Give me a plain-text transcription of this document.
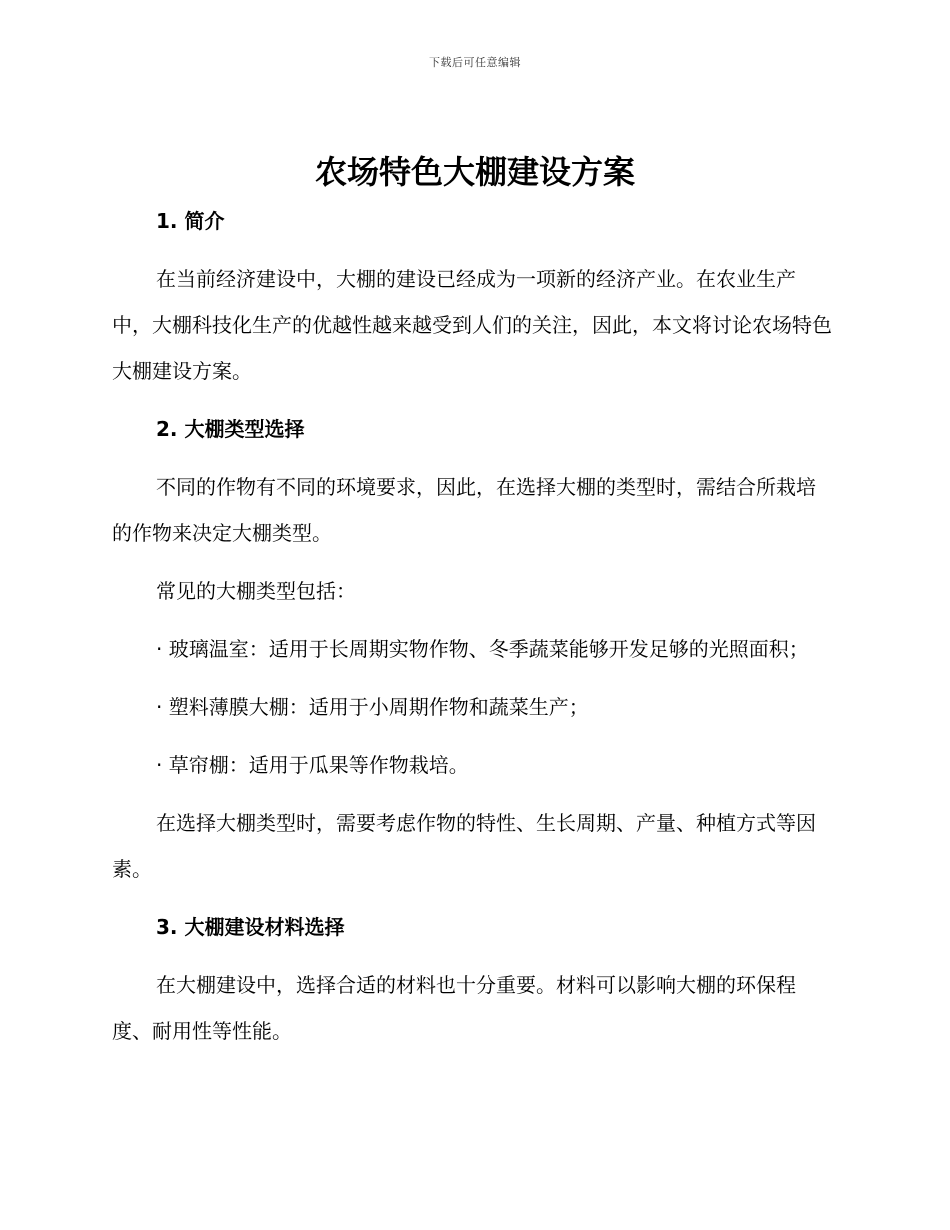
下载后可任意编辑
农场特色大棚建设方案
1. 简介

在当前经济建设中，大棚的建设已经成为一项新的经济产业。在农业生产中，大棚科技化生产的优越性越来越受到人们的关注，因此，本文将讨论农场特色大棚建设方案。

2. 大棚类型选择

不同的作物有不同的环境要求，因此，在选择大棚的类型时，需结合所栽培的作物来决定大棚类型。

常见的大棚类型包括：

· 玻璃温室：适用于长周期实物作物、冬季蔬菜能够开发足够的光照面积；

· 塑料薄膜大棚：适用于小周期作物和蔬菜生产；

· 草帘棚：适用于瓜果等作物栽培。

在选择大棚类型时，需要考虑作物的特性、生长周期、产量、种植方式等因素。

3. 大棚建设材料选择

在大棚建设中，选择合适的材料也十分重要。材料可以影响大棚的环保程度、耐用性等性能。
